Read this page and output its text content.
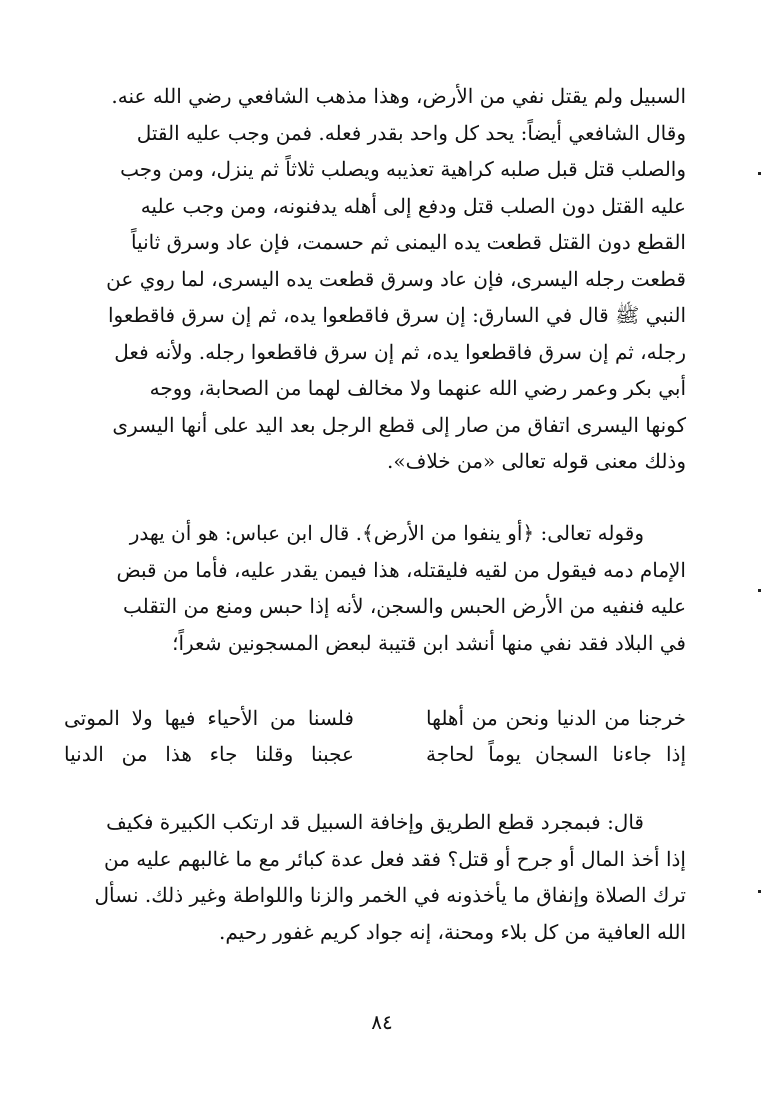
السبيل ولم يقتل نفي من الأرض، وهذا مذهب الشافعي رضي الله عنه.

وقال الشافعي أيضاً: يحد كل واحد بقدر فعله. فمن وجب عليه القتل

والصلب قتل قبل صلبه كراهية تعذيبه ويصلب ثلاثاً ثم ينزل، ومن وجب

عليه القتل دون الصلب قتل ودفع إلى أهله يدفنونه، ومن وجب عليه

القطع دون القتل قطعت يده اليمنى ثم حسمت، فإن عاد وسرق ثانياً

قطعت رجله اليسرى، فإن عاد وسرق قطعت يده اليسرى، لما روي عن

النبي ﷺ قال في السارق: إن سرق فاقطعوا يده، ثم إن سرق فاقطعوا

رجله، ثم إن سرق فاقطعوا يده، ثم إن سرق فاقطعوا رجله. ولأنه فعل

أبي بكر وعمر رضي الله عنهما ولا مخالف لهما من الصحابة، ووجه

كونها اليسرى اتفاق من صار إلى قطع الرجل بعد اليد على أنها اليسرى

وذلك معنى قوله تعالى «من خلاف».

وقوله تعالى: ﴿أو ينفوا من الأرض﴾. قال ابن عباس: هو أن يهدر

الإمام دمه فيقول من لقيه فليقتله، هذا فيمن يقدر عليه، فأما من قبض

عليه فنفيه من الأرض الحبس والسجن، لأنه إذا حبس ومنع من التقلب

في البلاد فقد نفي منها أنشد ابن قتيبة لبعض المسجونين شعراً؛

خرجنا من الدنيا ونحن من أهلها
فلسنا من الأحياء فيها ولا الموتى
إذا جاءنا السجان يوماً لحاجة
عجبنا وقلنا جاء هذا من الدنيا

قال: فبمجرد قطع الطريق وإخافة السبيل قد ارتكب الكبيرة فكيف

إذا أخذ المال أو جرح أو قتل؟ فقد فعل عدة كبائر مع ما غالبهم عليه من

ترك الصلاة وإنفاق ما يأخذونه في الخمر والزنا واللواطة وغير ذلك. نسأل

الله العافية من كل بلاء ومحنة، إنه جواد كريم غفور رحيم.

٨٤
